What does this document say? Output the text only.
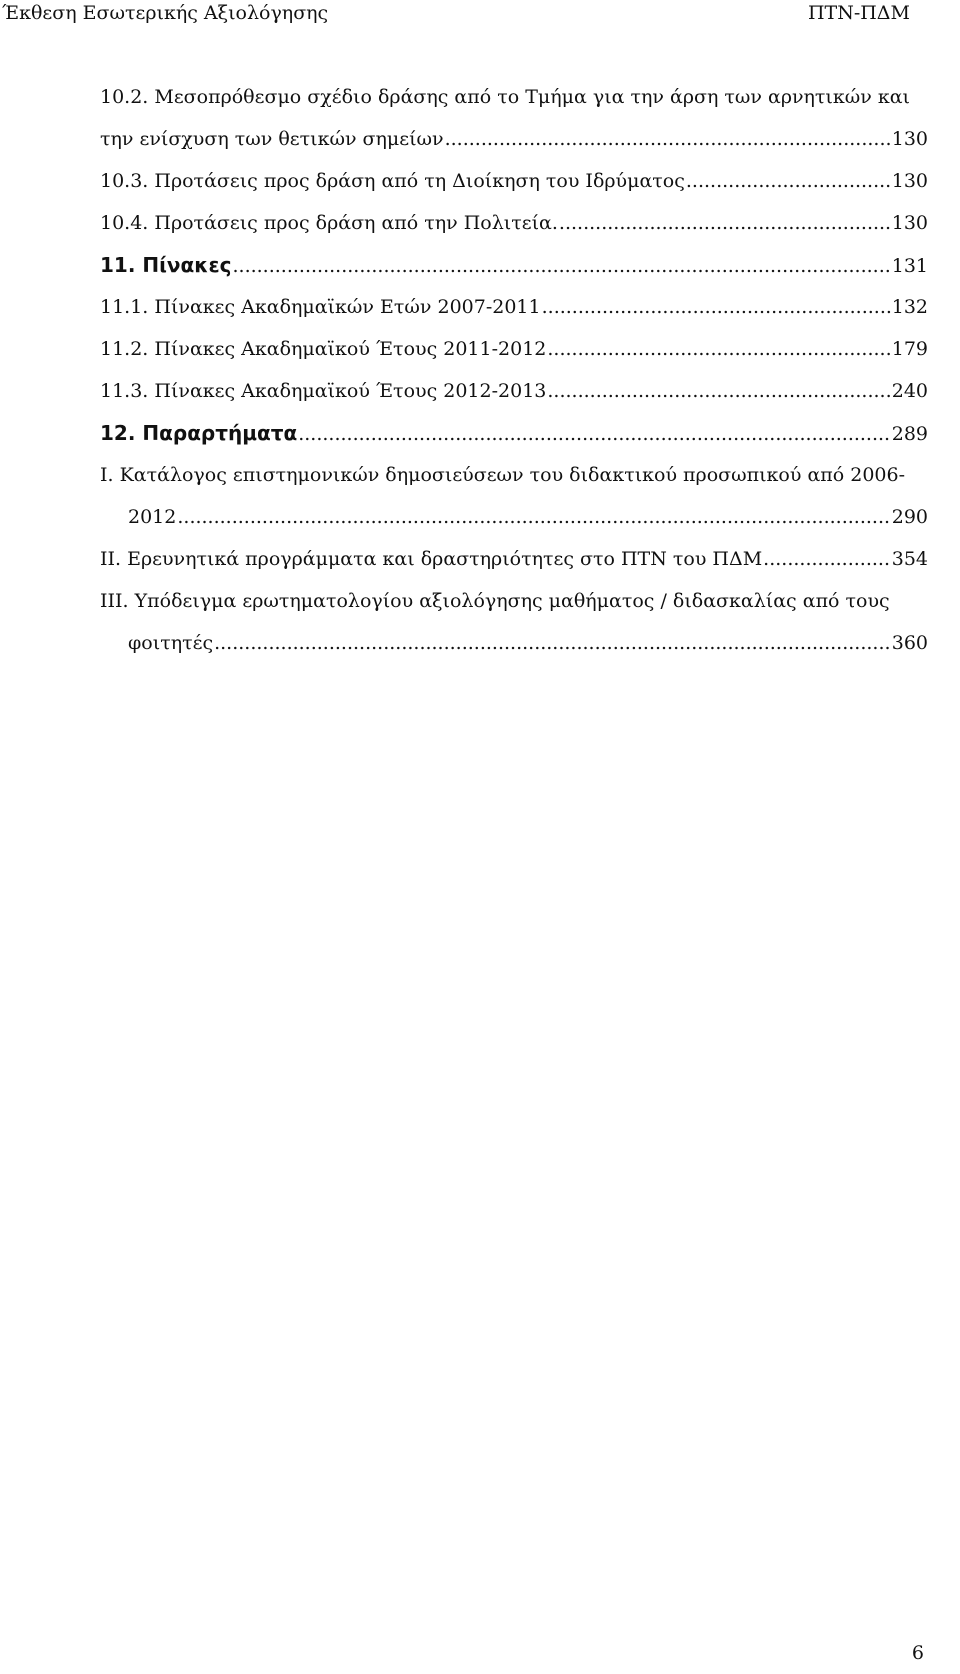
Έκθεση Εσωτερικής Αξιολόγησης	ΠΤΝ-ΠΔΜ
10.2. Μεσοπρόθεσμο σχέδιο δράσης από το Τμήμα για την άρση των αρνητικών και
την ενίσχυση των θετικών σημείων .....	130
10.3. Προτάσεις προς δράση από τη Διοίκηση του Ιδρύματος .....	130
10.4. Προτάσεις προς δράση από την Πολιτεία. .....	130
11. Πίνακες .....	131
11.1. Πίνακες Ακαδημαϊκών Ετών 2007-2011 .....	132
11.2. Πίνακες Ακαδημαϊκού Έτους 2011-2012 .....	179
11.3. Πίνακες Ακαδημαϊκού Έτους 2012-2013 .....	240
12. Παραρτήματα .....	289
I. Κατάλογος επιστημονικών δημοσιεύσεων του διδακτικού προσωπικού από 2006-
2012 .....	290
II. Ερευνητικά προγράμματα και δραστηριότητες στο ΠΤΝ του ΠΔΜ .....	354
III. Υπόδειγμα ερωτηματολογίου αξιολόγησης μαθήματος / διδασκαλίας από τους
φοιτητές .....	360
6
